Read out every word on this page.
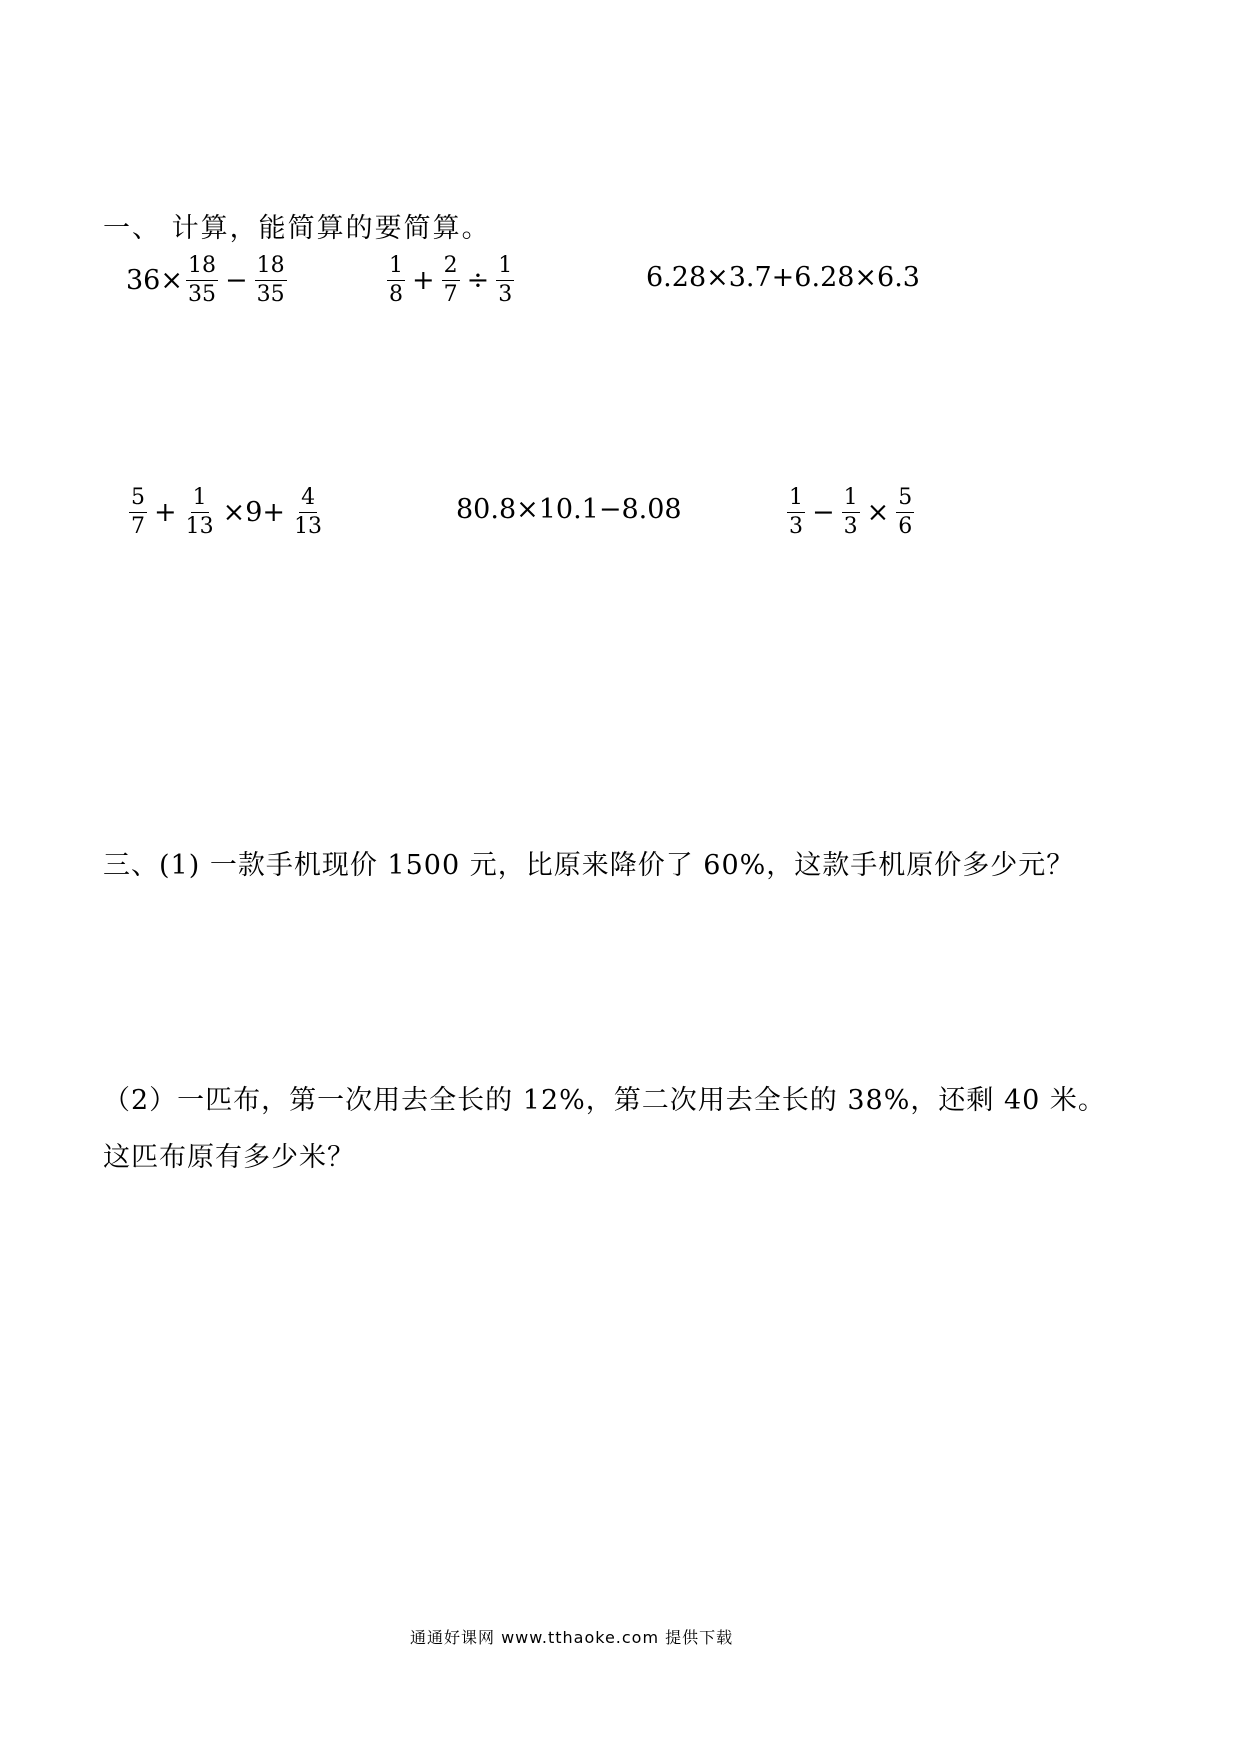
一、 计算，能简算的要简算。
$36\times \frac{18}{35} - \frac{18}{35}$	$\frac{1}{8} + \frac{2}{7} \div \frac{1}{3}$	6.28×3.7+6.28×6.3
$\frac{5}{7} + \frac{1}{13} \times 9+ \frac{4}{13}$	80.8×10.1−8.08	$\frac{1}{3} - \frac{1}{3} \times \frac{5}{6}$
三、(1) 一款手机现价 1500 元，比原来降价了 60%，这款手机原价多少元？
（2）一匹布，第一次用去全长的 12%，第二次用去全长的 38%，还剩 40 米。
这匹布原有多少米？
通通好课网 www.tthaoke.com 提供下载
